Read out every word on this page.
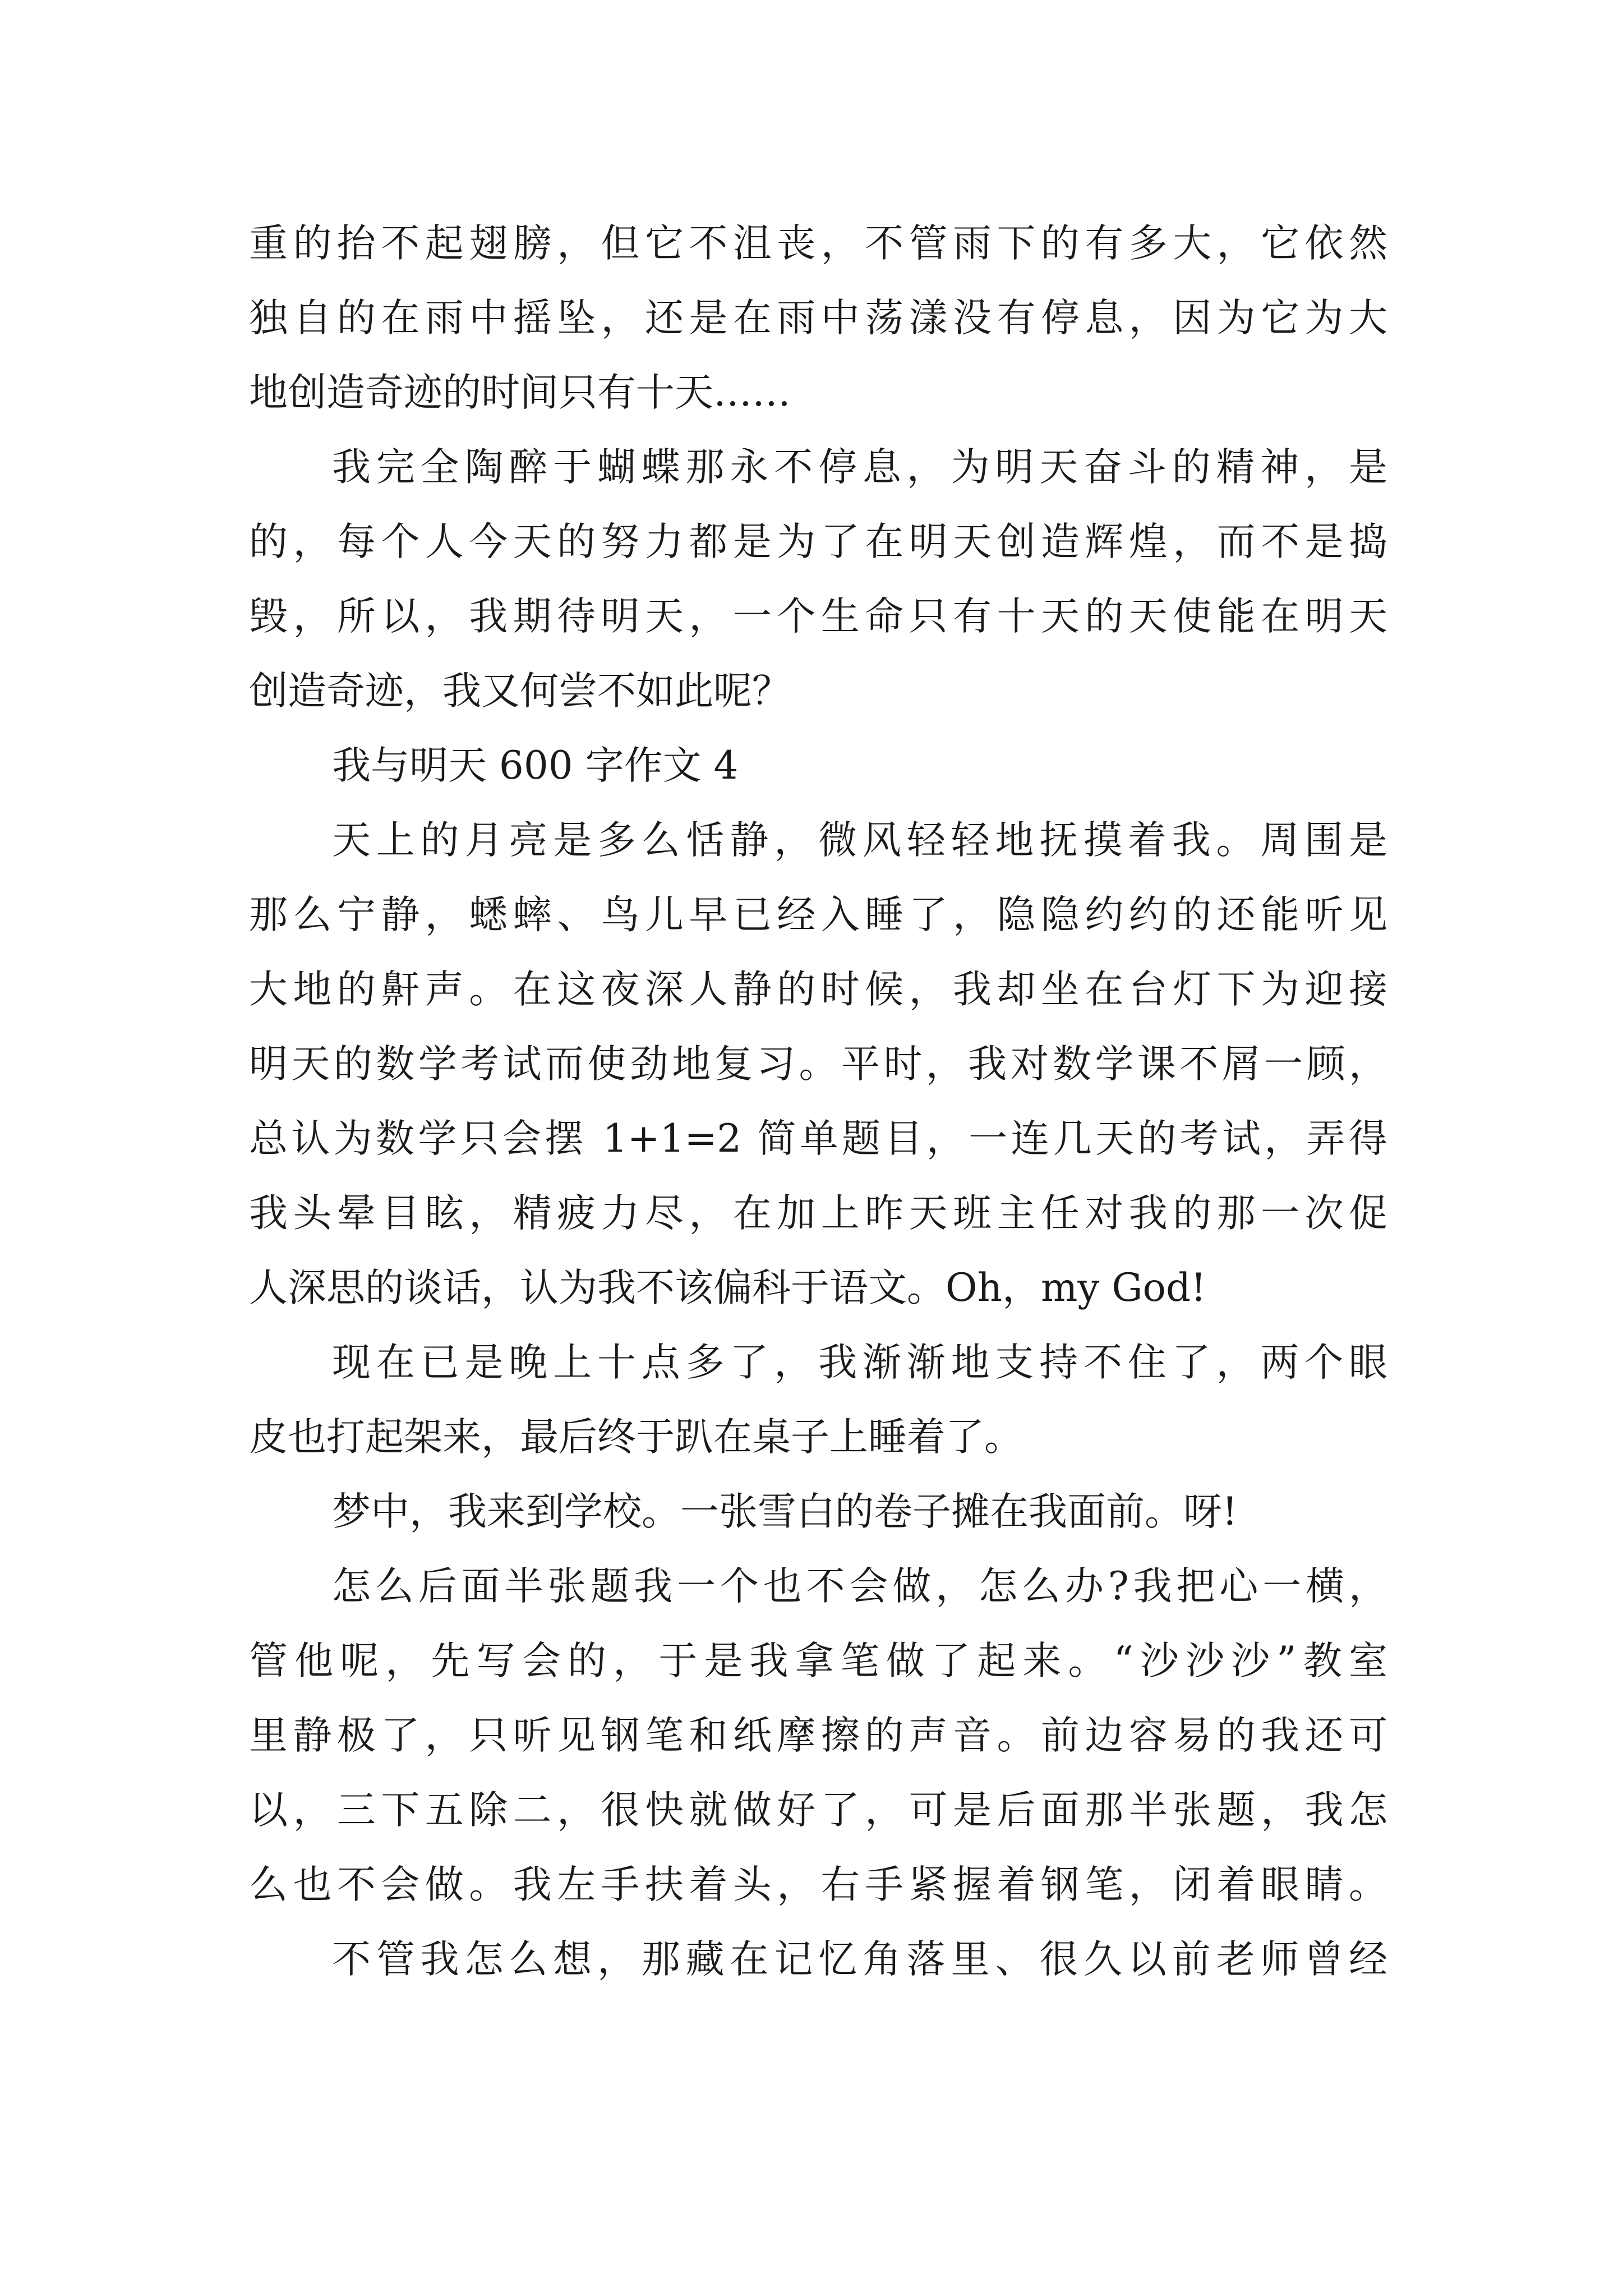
重的抬不起翅膀，但它不沮丧，不管雨下的有多大，它依然
独自的在雨中摇坠，还是在雨中荡漾没有停息，因为它为大
地创造奇迹的时间只有十天……
我完全陶醉于蝴蝶那永不停息，为明天奋斗的精神，是
的，每个人今天的努力都是为了在明天创造辉煌，而不是捣
毁，所以，我期待明天，一个生命只有十天的天使能在明天
创造奇迹，我又何尝不如此呢？
我与明天 600 字作文 4
天上的月亮是多么恬静，微风轻轻地抚摸着我。周围是
那么宁静，蟋蟀、鸟儿早已经入睡了，隐隐约约的还能听见
大地的鼾声。在这夜深人静的时候，我却坐在台灯下为迎接
明天的数学考试而使劲地复习。平时，我对数学课不屑一顾，
总认为数学只会摆 1+1=2 简单题目，一连几天的考试，弄得
我头晕目眩，精疲力尽，在加上昨天班主任对我的那一次促
人深思的谈话，认为我不该偏科于语文。Oh，my God!
现在已是晚上十点多了，我渐渐地支持不住了，两个眼
皮也打起架来，最后终于趴在桌子上睡着了。
梦中，我来到学校。一张雪白的卷子摊在我面前。呀!
怎么后面半张题我一个也不会做，怎么办?我把心一横，
管他呢，先写会的，于是我拿笔做了起来。“沙沙沙”教室
里静极了，只听见钢笔和纸摩擦的声音。前边容易的我还可
以，三下五除二，很快就做好了，可是后面那半张题，我怎
么也不会做。我左手扶着头，右手紧握着钢笔，闭着眼睛。
不管我怎么想，那藏在记忆角落里、很久以前老师曾经
